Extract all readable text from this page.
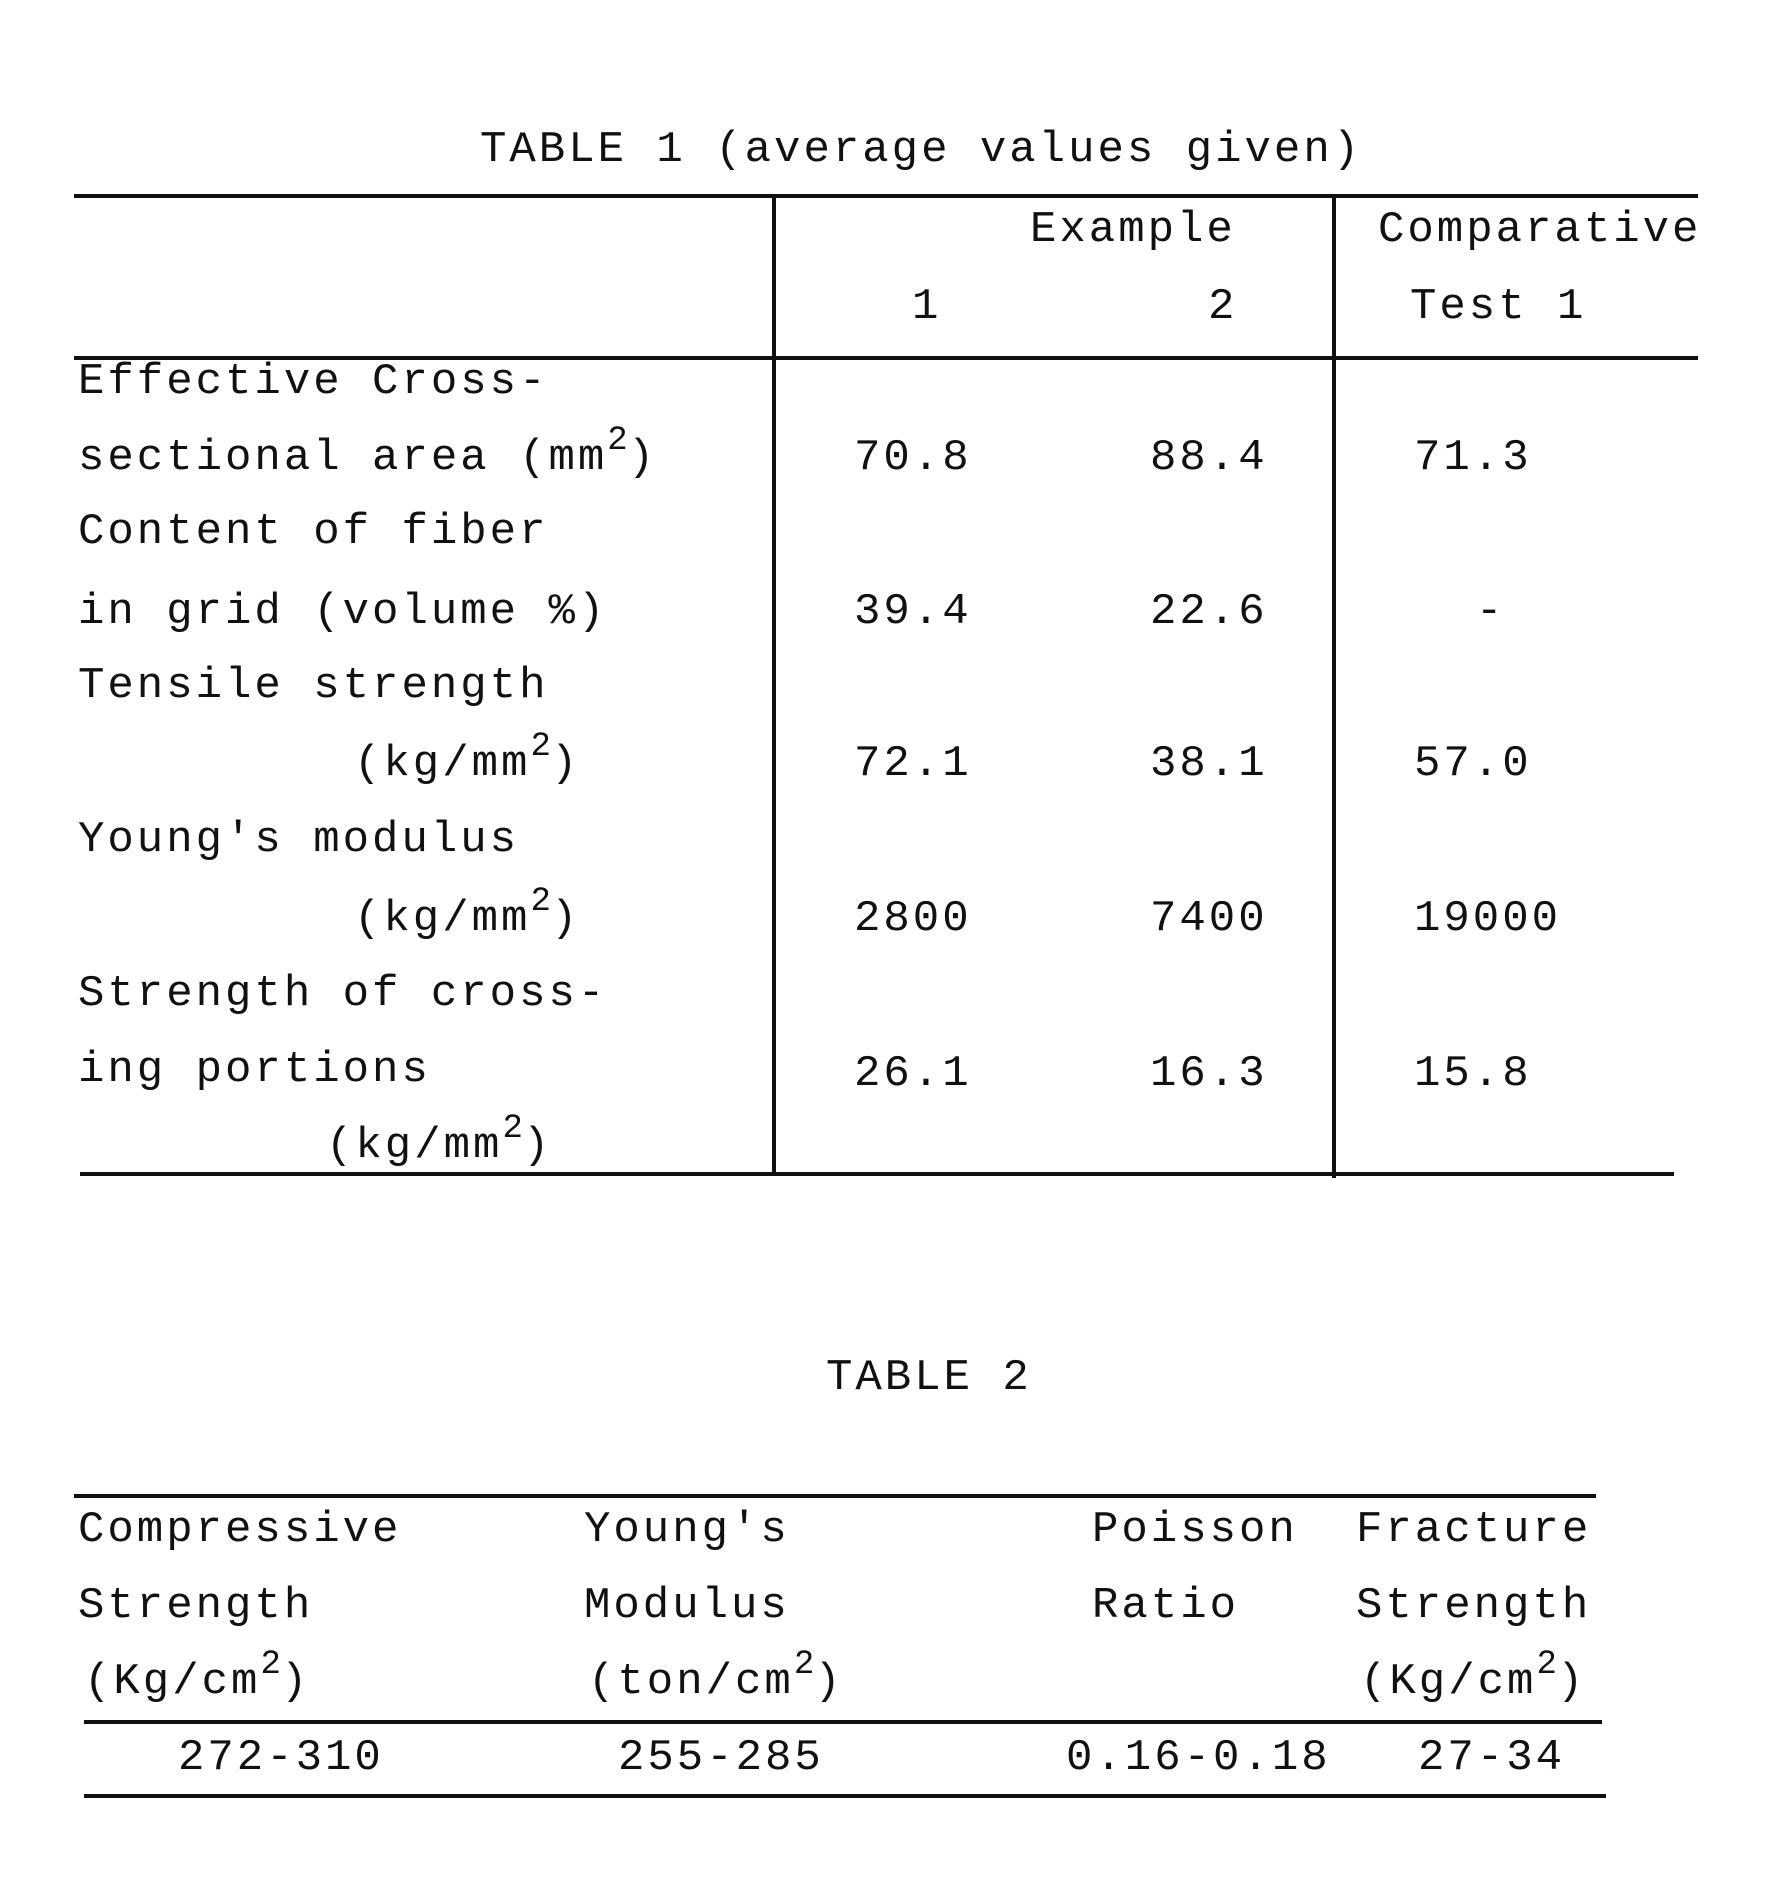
TABLE 1 (average values given)
Example
1	2
Comparative
Test 1
Effective Cross-
sectional area (mm2)	70.8	88.4	71.3
Content of fiber
in grid (volume %)	39.4	22.6	-
Tensile strength
(kg/mm2)	72.1	38.1	57.0
Young's modulus
(kg/mm2)	2800	7400	19000
Strength of cross-
ing portions
(kg/mm2)
26.1	16.3	15.8
TABLE 2
Compressive
Strength
(Kg/cm2)
272-310
Young's
Modulus
(ton/cm2)
255-285
Poisson
Ratio
0.16-0.18
Fracture
Strength
(Kg/cm2)
27-34
